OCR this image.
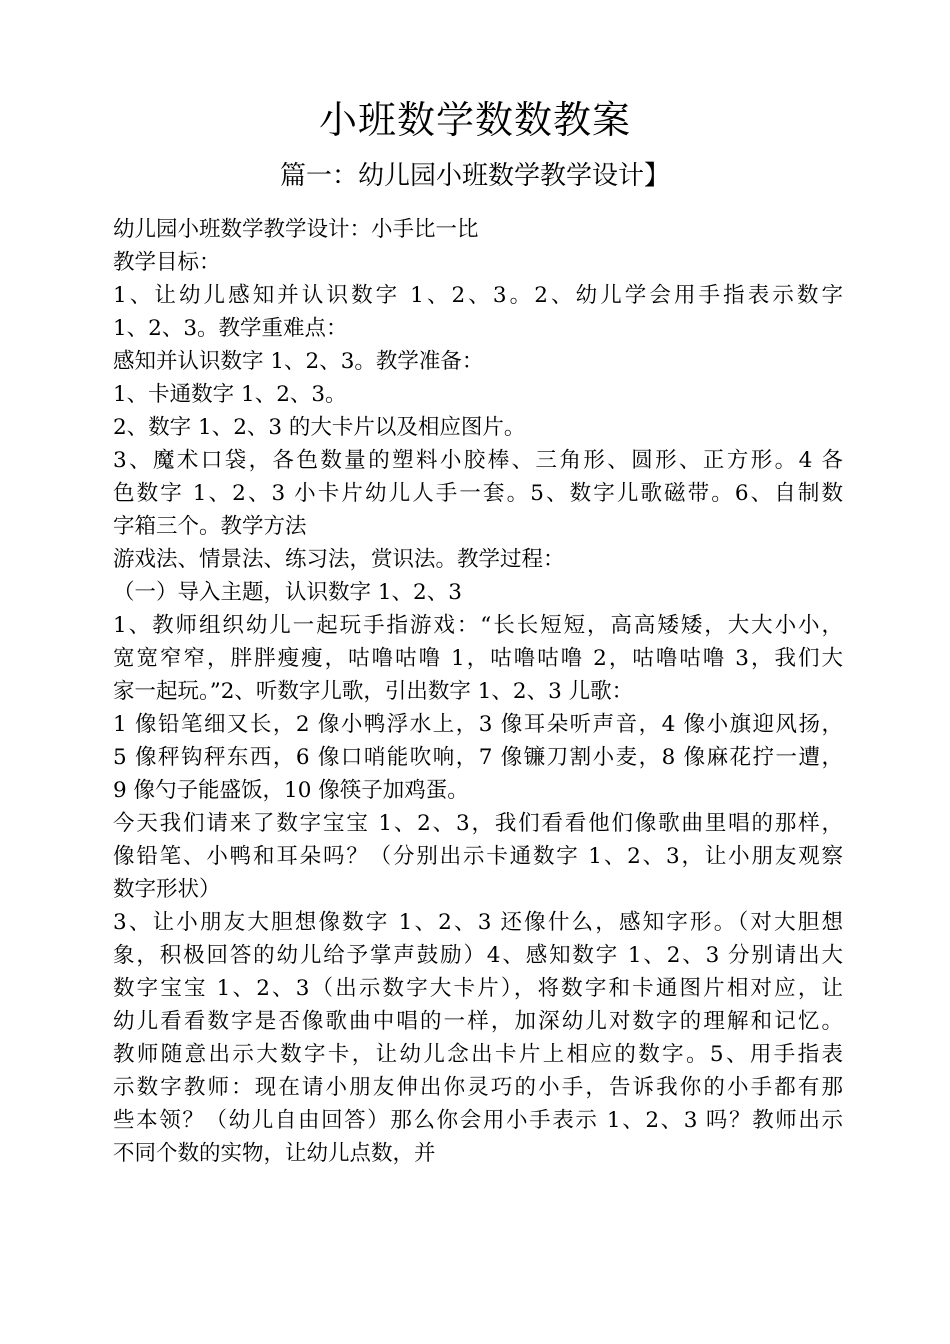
小班数学数数教案
篇一：幼儿园小班数学教学设计】
幼儿园小班数学教学设计：小手比一比
教学目标：
1、让幼儿感知并认识数字 1、2、3。2、幼儿学会用手指表示数字
1、2、3。教学重难点：
感知并认识数字 1、2、3。教学准备：
1、卡通数字 1、2、3。
2、数字 1、2、3 的大卡片以及相应图片。
3、魔术口袋，各色数量的塑料小胶棒、三角形、圆形、正方形。4 各
色数字 1、2、3 小卡片幼儿人手一套。5、数字儿歌磁带。6、自制数
字箱三个。教学方法
游戏法、情景法、练习法，赏识法。教学过程：
（一）导入主题，认识数字 1、2、3
1、教师组织幼儿一起玩手指游戏：“长长短短，高高矮矮，大大小小，
宽宽窄窄，胖胖瘦瘦，咕噜咕噜 1，咕噜咕噜 2，咕噜咕噜 3，我们大
家一起玩。”2、听数字儿歌，引出数字 1、2、3 儿歌：
1 像铅笔细又长，2 像小鸭浮水上，3 像耳朵听声音，4 像小旗迎风扬，
5 像秤钩秤东西，6 像口哨能吹响，7 像镰刀割小麦，8 像麻花拧一遭，
9 像勺子能盛饭，10 像筷子加鸡蛋。
今天我们请来了数字宝宝 1、2、3，我们看看他们像歌曲里唱的那样，
像铅笔、小鸭和耳朵吗？（分别出示卡通数字 1、2、3，让小朋友观察
数字形状）
3、让小朋友大胆想像数字 1、2、3 还像什么，感知字形。（对大胆想
象，积极回答的幼儿给予掌声鼓励）4、感知数字 1、2、3 分别请出大
数字宝宝 1、2、3（出示数字大卡片），将数字和卡通图片相对应，让
幼儿看看数字是否像歌曲中唱的一样，加深幼儿对数字的理解和记忆。
教师随意出示大数字卡，让幼儿念出卡片上相应的数字。5、用手指表
示数字教师：现在请小朋友伸出你灵巧的小手，告诉我你的小手都有那
些本领？（幼儿自由回答）那么你会用小手表示 1、2、3 吗？教师出示
不同个数的实物，让幼儿点数，并
